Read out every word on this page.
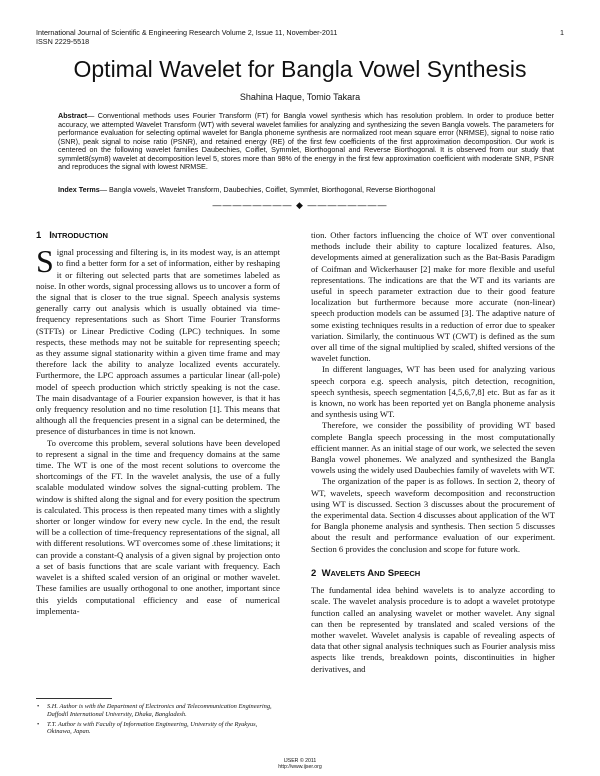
International Journal of Scientific & Engineering Research Volume 2, Issue 11, November-2011
ISSN 2229-5518
1
Optimal Wavelet for Bangla Vowel Synthesis
Shahina Haque, Tomio Takara
Abstract— Conventional methods uses Fourier Transform (FT) for Bangla vowel synthesis which has resolution problem. In order to produce better accuracy, we attempted Wavelet Transform (WT) with several wavelet families for analyzing and synthesizing the seven Bangla vowels. The parameters for performance evaluation for selecting optimal wavelet for Bangla phoneme synthesis are normalized root mean square error (NRMSE), signal to noise ratio (SNR), peak signal to noise ratio (PSNR), and retained energy (RE) of the first few coefficients of the first approximation decomposition. Our work is centered on the following wavelet families Daubechies, Coiflet, Symmlet, Biorthogonal and Reverse Biorthogonal. It is observed from our study that symmlet8(sym8) wavelet at decomposition level 5, stores more than 98% of the energy in the first few approximation coefficient with moderate SNR, PSNR and reproduces the signal with lowest NRMSE.
Index Terms— Bangla vowels, Wavelet Transform, Daubechies, Coiflet, Symmlet, Biorthogonal, Reverse Biorthogonal
———————— ◆ ————————
1 INTRODUCTION

Signal processing and filtering is, in its modest way, is an attempt to find a better form for a set of information, either by reshaping it or filtering out selected parts that are sometimes labeled as noise. In other words, signal processing allows us to uncover a form of the signal that is closer to the true signal. Speech analysis systems generally carry out analysis which is usually obtained via time-frequency representations such as Short Time Fourier Transforms (STFTs) or Linear Predictive Coding (LPC) techniques. In some respects, these methods may not be suitable for representing speech; as they assume signal stationarity within a given time frame and may therefore lack the ability to analyze localized events accurately. Furthermore, the LPC approach assumes a particular linear (all-pole) model of speech production which strictly speaking is not the case. The main disadvantage of a Fourier expansion however, is that it has only frequency resolution and no time resolution [1]. This means that although all the frequencies present in a signal can be determined, the presence of disturbances in time is not known.

To overcome this problem, several solutions have been developed to represent a signal in the time and frequency domains at the same time. The WT is one of the most recent solutions to overcome the shortcomings of the FT. In the wavelet analysis, the use of a fully scalable modulated window solves the signal-cutting problem. The window is shifted along the signal and for every position the spectrum is calculated. This process is then repeated many times with a slightly shorter or longer window for every new cycle. In the end, the result will be a collection of time-frequency representations of the signal, all with different resolutions. WT overcomes some of .these limitations; it can provide a constant-Q analysis of a given signal by projection onto a set of basis functions that are scale variant with frequency. Each wavelet is a shifted scaled version of an original or mother wavelet. These families are usually orthogonal to one another, important since this yields computational efficiency and ease of numerical implementa-

tion. Other factors influencing the choice of WT over conventional methods include their ability to capture localized features. Also, developments aimed at generalization such as the Bat-Basis Paradigm of Coifman and Wickerhauser [2] make for more flexible and useful representations. The indications are that the WT and its variants are useful in speech parameter extraction due to their good feature localization but furthermore because more accurate (non-linear) speech production models can be assumed [3]. The adaptive nature of some existing techniques results in a reduction of error due to speaker variation. Similarly, the continuous WT (CWT) is defined as the sum over all time of the signal multiplied by scaled, shifted versions of the wavelet function.

In different languages, WT has been used for analyzing various speech corpora e.g. speech analysis, pitch detection, recognition, speech synthesis, speech segmentation [4,5,6,7,8] etc. But as far as it is known, no work has been reported yet on Bangla phoneme analysis and synthesis using WT.

Therefore, we consider the possibility of providing WT based complete Bangla speech processing in the most computationally efficient manner. As an initial stage of our work, we selected the seven Bangla vowel phonemes. We analyzed and synthesized the Bangla vowels using the widely used Daubechies family of wavelets with WT.

The organization of the paper is as follows. In section 2, theory of WT, wavelets, speech waveform decomposition and reconstruction using WT is discussed. Section 3 discusses about the procurement of the experimental data. Section 4 discusses about application of the WT for Bangla phoneme analysis and synthesis. Then section 5 discusses about the result and performance evaluation of our experiment. Section 6 provides the conclusion and scope for future work.

2 WAVELETS AND SPEECH

The fundamental idea behind wavelets is to analyze according to scale. The wavelet analysis procedure is to adopt a wavelet prototype function called an analysing wavelet or mother wavelet. Any signal can then be represented by translated and scaled versions of the mother wavelet. Wavelet analysis is capable of revealing aspects of data that other signal analysis techniques such as Fourier analysis miss aspects like trends, breakdown points, discontinuities in higher derivatives, and

• S.H. Author is with the Department of Electronics and Telecommunication Engineering, Daffodil International University, Dhaka, Bangladesh.
• T.T. Author is with Faculty of Information Engineering, University of the Ryukyus, Okinawa, Japan.
IJSER © 2011
http://www.ijser.org
